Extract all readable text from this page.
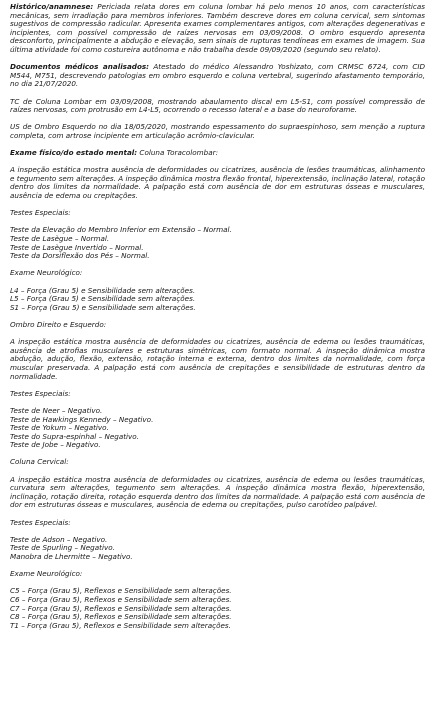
Histórico/anamnese: Periciada relata dores em coluna lombar há pelo menos 10 anos, com características mecânicas, sem irradiação para membros inferiores. Também descreve dores em coluna cervical, sem sintomas sugestivos de compressão radicular. Apresenta exames complementares antigos, com alterações degenerativas e incipientes, com possível compressão de raízes nervosas em 03/09/2008. O ombro esquerdo apresenta desconforto, principalmente a abdução e elevação, sem sinais de rupturas tendíneas em exames de imagem. Sua última atividade foi como costureira autônoma e não trabalha desde 09/09/2020 (segundo seu relato).

Documentos médicos analisados: Atestado do médico Alessandro Yoshizato, com CRMSC 6724, com CID M544, M751, descrevendo patologias em ombro esquerdo e coluna vertebral, sugerindo afastamento temporário, no dia 21/07/2020.

TC de Coluna Lombar em 03/09/2008, mostrando abaulamento discal em L5-S1, com possível compressão de raízes nervosas, com protrusão em L4-L5, ocorrendo o recesso lateral e a base do neuroforame.

US de Ombro Esquerdo no dia 18/05/2020, mostrando espessamento do supraespinhoso, sem menção a ruptura completa, com artrose incipiente em articulação acrômio-clavicular.

Exame físico/do estado mental: Coluna Toracolombar:

A inspeção estática mostra ausência de deformidades ou cicatrizes, ausência de lesões traumáticas, alinhamento e tegumento sem alterações. A inspeção dinâmica mostra flexão frontal, hiperextensão, inclinação lateral, rotação dentro dos limites da normalidade. A palpação está com ausência de dor em estruturas ósseas e musculares, ausência de edema ou crepitações.

Testes Especiais:

Teste da Elevação do Membro Inferior em Extensão – Normal.

Teste de Lasègue – Normal.

Teste de Lasègue Invertido – Normal.

Teste da Dorsiflexão dos Pés – Normal.

Exame Neurológico:

L4 – Força (Grau 5) e Sensibilidade sem alterações.

L5 – Força (Grau 5) e Sensibilidade sem alterações.

S1 – Força (Grau 5) e Sensibilidade sem alterações.

Ombro Direito e Esquerdo:

A inspeção estática mostra ausência de deformidades ou cicatrizes, ausência de edema ou lesões traumáticas, ausência de atrofias musculares e estruturas simétricas, com formato normal. A inspeção dinâmica mostra abdução, adução, flexão, extensão, rotação interna e externa, dentro dos limites da normalidade, com força muscular preservada. A palpação está com ausência de crepitações e sensibilidade de estruturas dentro da normalidade.

Testes Especiais:

Teste de Neer – Negativo.

Teste de Hawkings Kennedy – Negativo.

Teste de Yokum – Negativo.

Teste do Supra-espinhal – Negativo.

Teste de Jobe – Negativo.

Coluna Cervical:

A inspeção estática mostra ausência de deformidades ou cicatrizes, ausência de edema ou lesões traumáticas, curvatura sem alterações, tegumento sem alterações. A inspeção dinâmica mostra flexão, hiperextensão, inclinação, rotação direita, rotação esquerda dentro dos limites da normalidade. A palpação está com ausência de dor em estruturas ósseas e musculares, ausência de edema ou crepitações, pulso carotídeo palpável.

Testes Especiais:

Teste de Adson – Negativo.

Teste de Spurling – Negativo.

Manobra de Lhermitte – Negativo.

Exame Neurológico:

C5 – Força (Grau 5), Reflexos e Sensibilidade sem alterações.

C6 – Força (Grau 5), Reflexos e Sensibilidade sem alterações.

C7 – Força (Grau 5), Reflexos e Sensibilidade sem alterações.

C8 – Força (Grau 5), Reflexos e Sensibilidade sem alterações.

T1 – Força (Grau 5), Reflexos e Sensibilidade sem alterações.
